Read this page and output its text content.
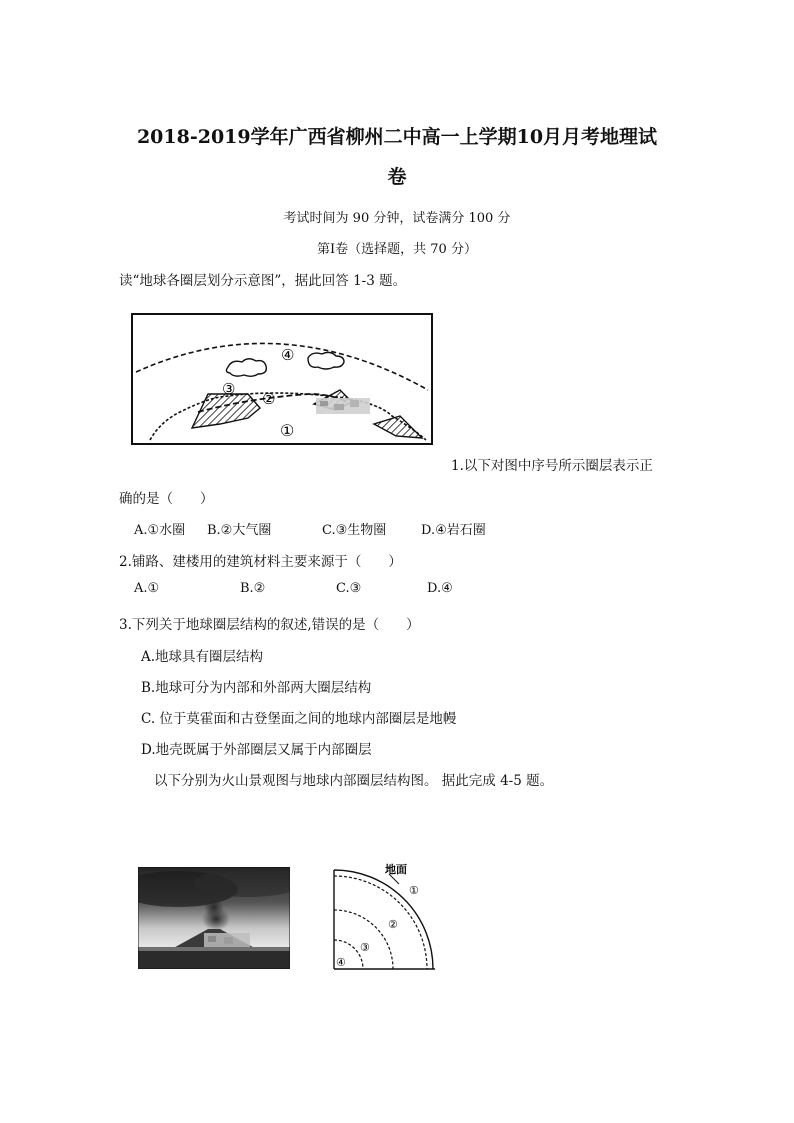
2018-2019学年广西省柳州二中高一上学期10月月考地理试
卷
考试时间为 90 分钟，试卷满分 100 分
第Ⅰ卷（选择题，共 70 分）
读“地球各圈层划分示意图”，据此回答 1-3 题。
①
②
③
④
1.以下对图中序号所示圈层表示正
确的是（　　）
A.①水圈 B.②大气圈	C.③生物圈	D.④岩石圈
2.铺路、建楼用的建筑材料主要来源于（　　）
A.①	B.②	C.③	D.④
3.下列关于地球圈层结构的叙述,错误的是（　　）
A.地球具有圈层结构
B.地球可分为内部和外部两大圈层结构
C. 位于莫霍面和古登堡面之间的地球内部圈层是地幔
D.地壳既属于外部圈层又属于内部圈层
以下分别为火山景观图与地球内部圈层结构图。 据此完成 4-5 题。
地面
①
②
③
④
